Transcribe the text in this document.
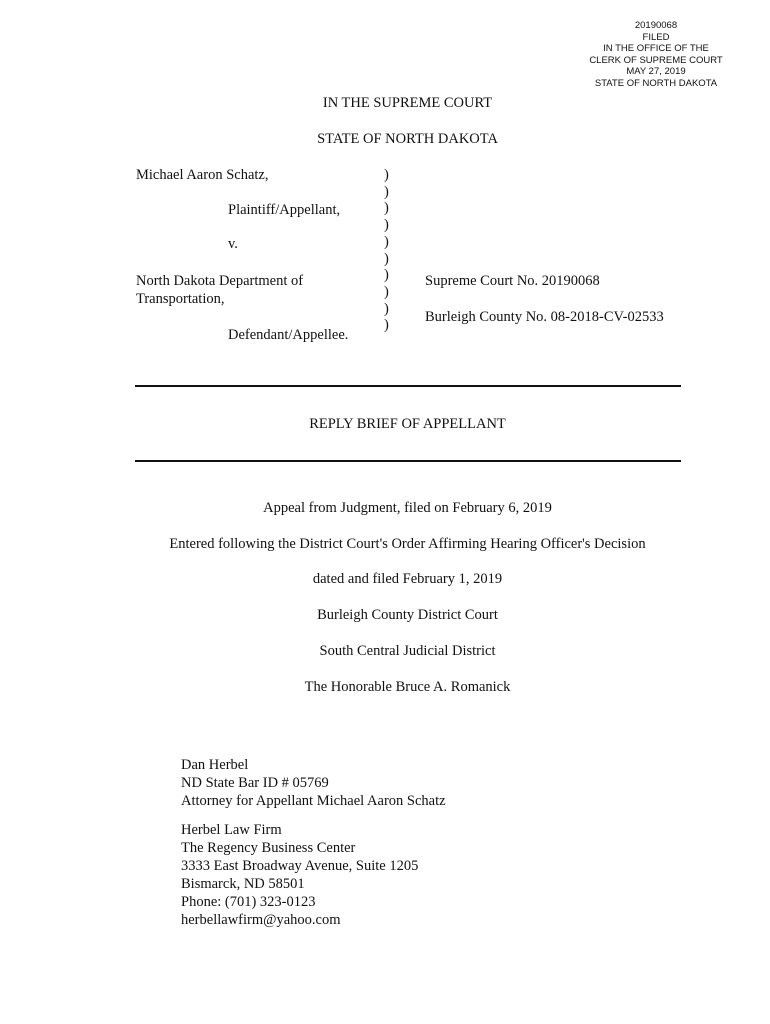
20190068
FILED
IN THE OFFICE OF THE
CLERK OF SUPREME COURT
MAY 27, 2019
STATE OF NORTH DAKOTA
IN THE SUPREME COURT
STATE OF NORTH DAKOTA
Michael Aaron Schatz,
Plaintiff/Appellant,
v.
North Dakota Department of
Transportation,
Defendant/Appellee.
)
)
)
)
)
)
)
)
)
)
Supreme Court No. 20190068
Burleigh County No. 08-2018-CV-02533
REPLY BRIEF OF APPELLANT
Appeal from Judgment, filed on February 6, 2019
Entered following the District Court's Order Affirming Hearing Officer's Decision
dated and filed February 1, 2019
Burleigh County District Court
South Central Judicial District
The Honorable Bruce A. Romanick
Dan Herbel
ND State Bar ID # 05769
Attorney for Appellant Michael Aaron Schatz
Herbel Law Firm
The Regency Business Center
3333 East Broadway Avenue, Suite 1205
Bismarck, ND 58501
Phone: (701) 323-0123
herbellawfirm@yahoo.com
